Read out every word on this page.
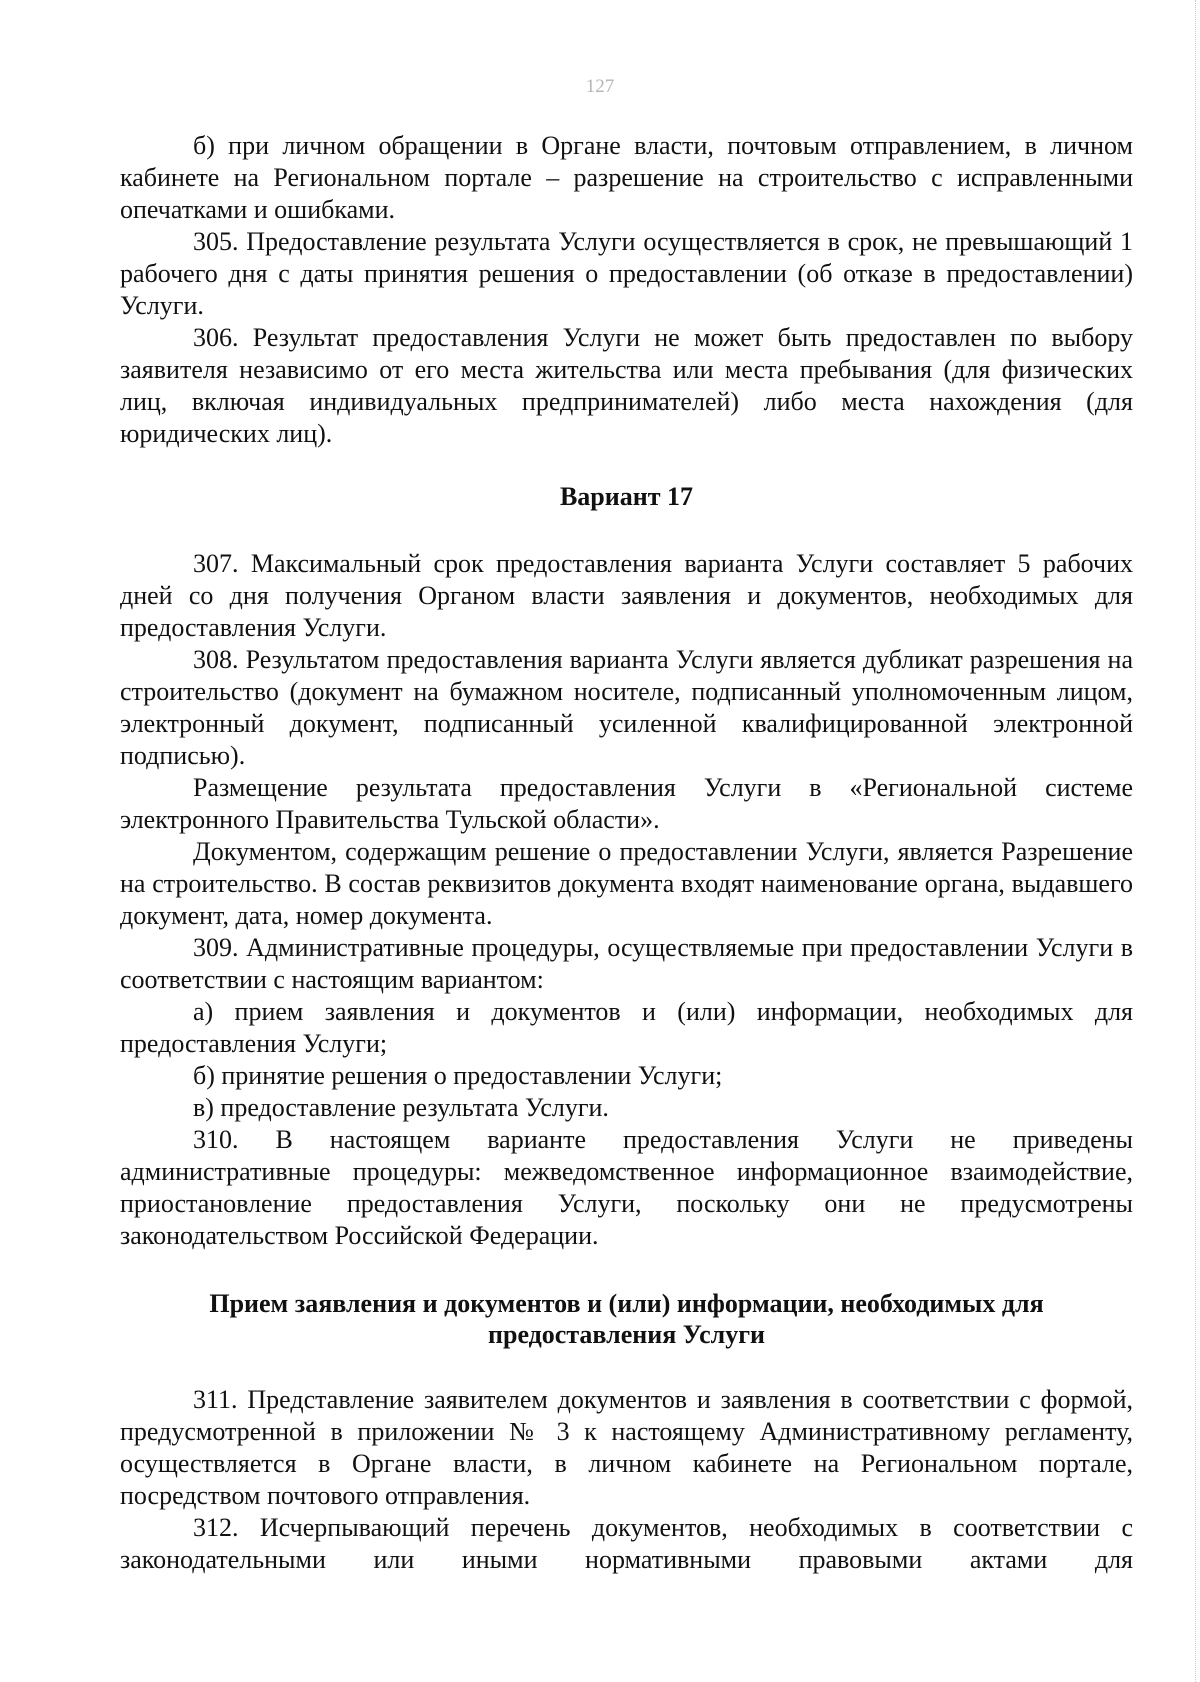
127

б) при личном обращении в Органе власти, почтовым отправлением, в личном кабинете на Региональном портале – разрешение на строительство с исправленными опечатками и ошибками.

305. Предоставление результата Услуги осуществляется в срок, не превышающий 1 рабочего дня с даты принятия решения о предоставлении (об отказе в предоставлении) Услуги.

306. Результат предоставления Услуги не может быть предоставлен по выбору заявителя независимо от его места жительства или места пребывания (для физических лиц, включая индивидуальных предпринимателей) либо места нахождения (для юридических лиц).

Вариант 17

307. Максимальный срок предоставления варианта Услуги составляет 5 рабочих дней со дня получения Органом власти заявления и документов, необходимых для предоставления Услуги.

308. Результатом предоставления варианта Услуги является дубликат разрешения на строительство (документ на бумажном носителе, подписанный уполномоченным лицом, электронный документ, подписанный усиленной квалифицированной электронной подписью).

Размещение результата предоставления Услуги в «Региональной системе электронного Правительства Тульской области».

Документом, содержащим решение о предоставлении Услуги, является Разрешение на строительство. В состав реквизитов документа входят наименование органа, выдавшего документ, дата, номер документа.

309. Административные процедуры, осуществляемые при предоставлении Услуги в соответствии с настоящим вариантом:

а) прием заявления и документов и (или) информации, необходимых для предоставления Услуги;

б) принятие решения о предоставлении Услуги;

в) предоставление результата Услуги.

310. В настоящем варианте предоставления Услуги не приведены административные процедуры: межведомственное информационное взаимодействие, приостановление предоставления Услуги, поскольку они не предусмотрены законодательством Российской Федерации.

Прием заявления и документов и (или) информации, необходимых для предоставления Услуги

311. Представление заявителем документов и заявления в соответствии с формой, предусмотренной в приложении № 3 к настоящему Административному регламенту, осуществляется в Органе власти, в личном кабинете на Региональном портале, посредством почтового отправления.

312. Исчерпывающий перечень документов, необходимых в соответствии с законодательными или иными нормативными правовыми актами для
